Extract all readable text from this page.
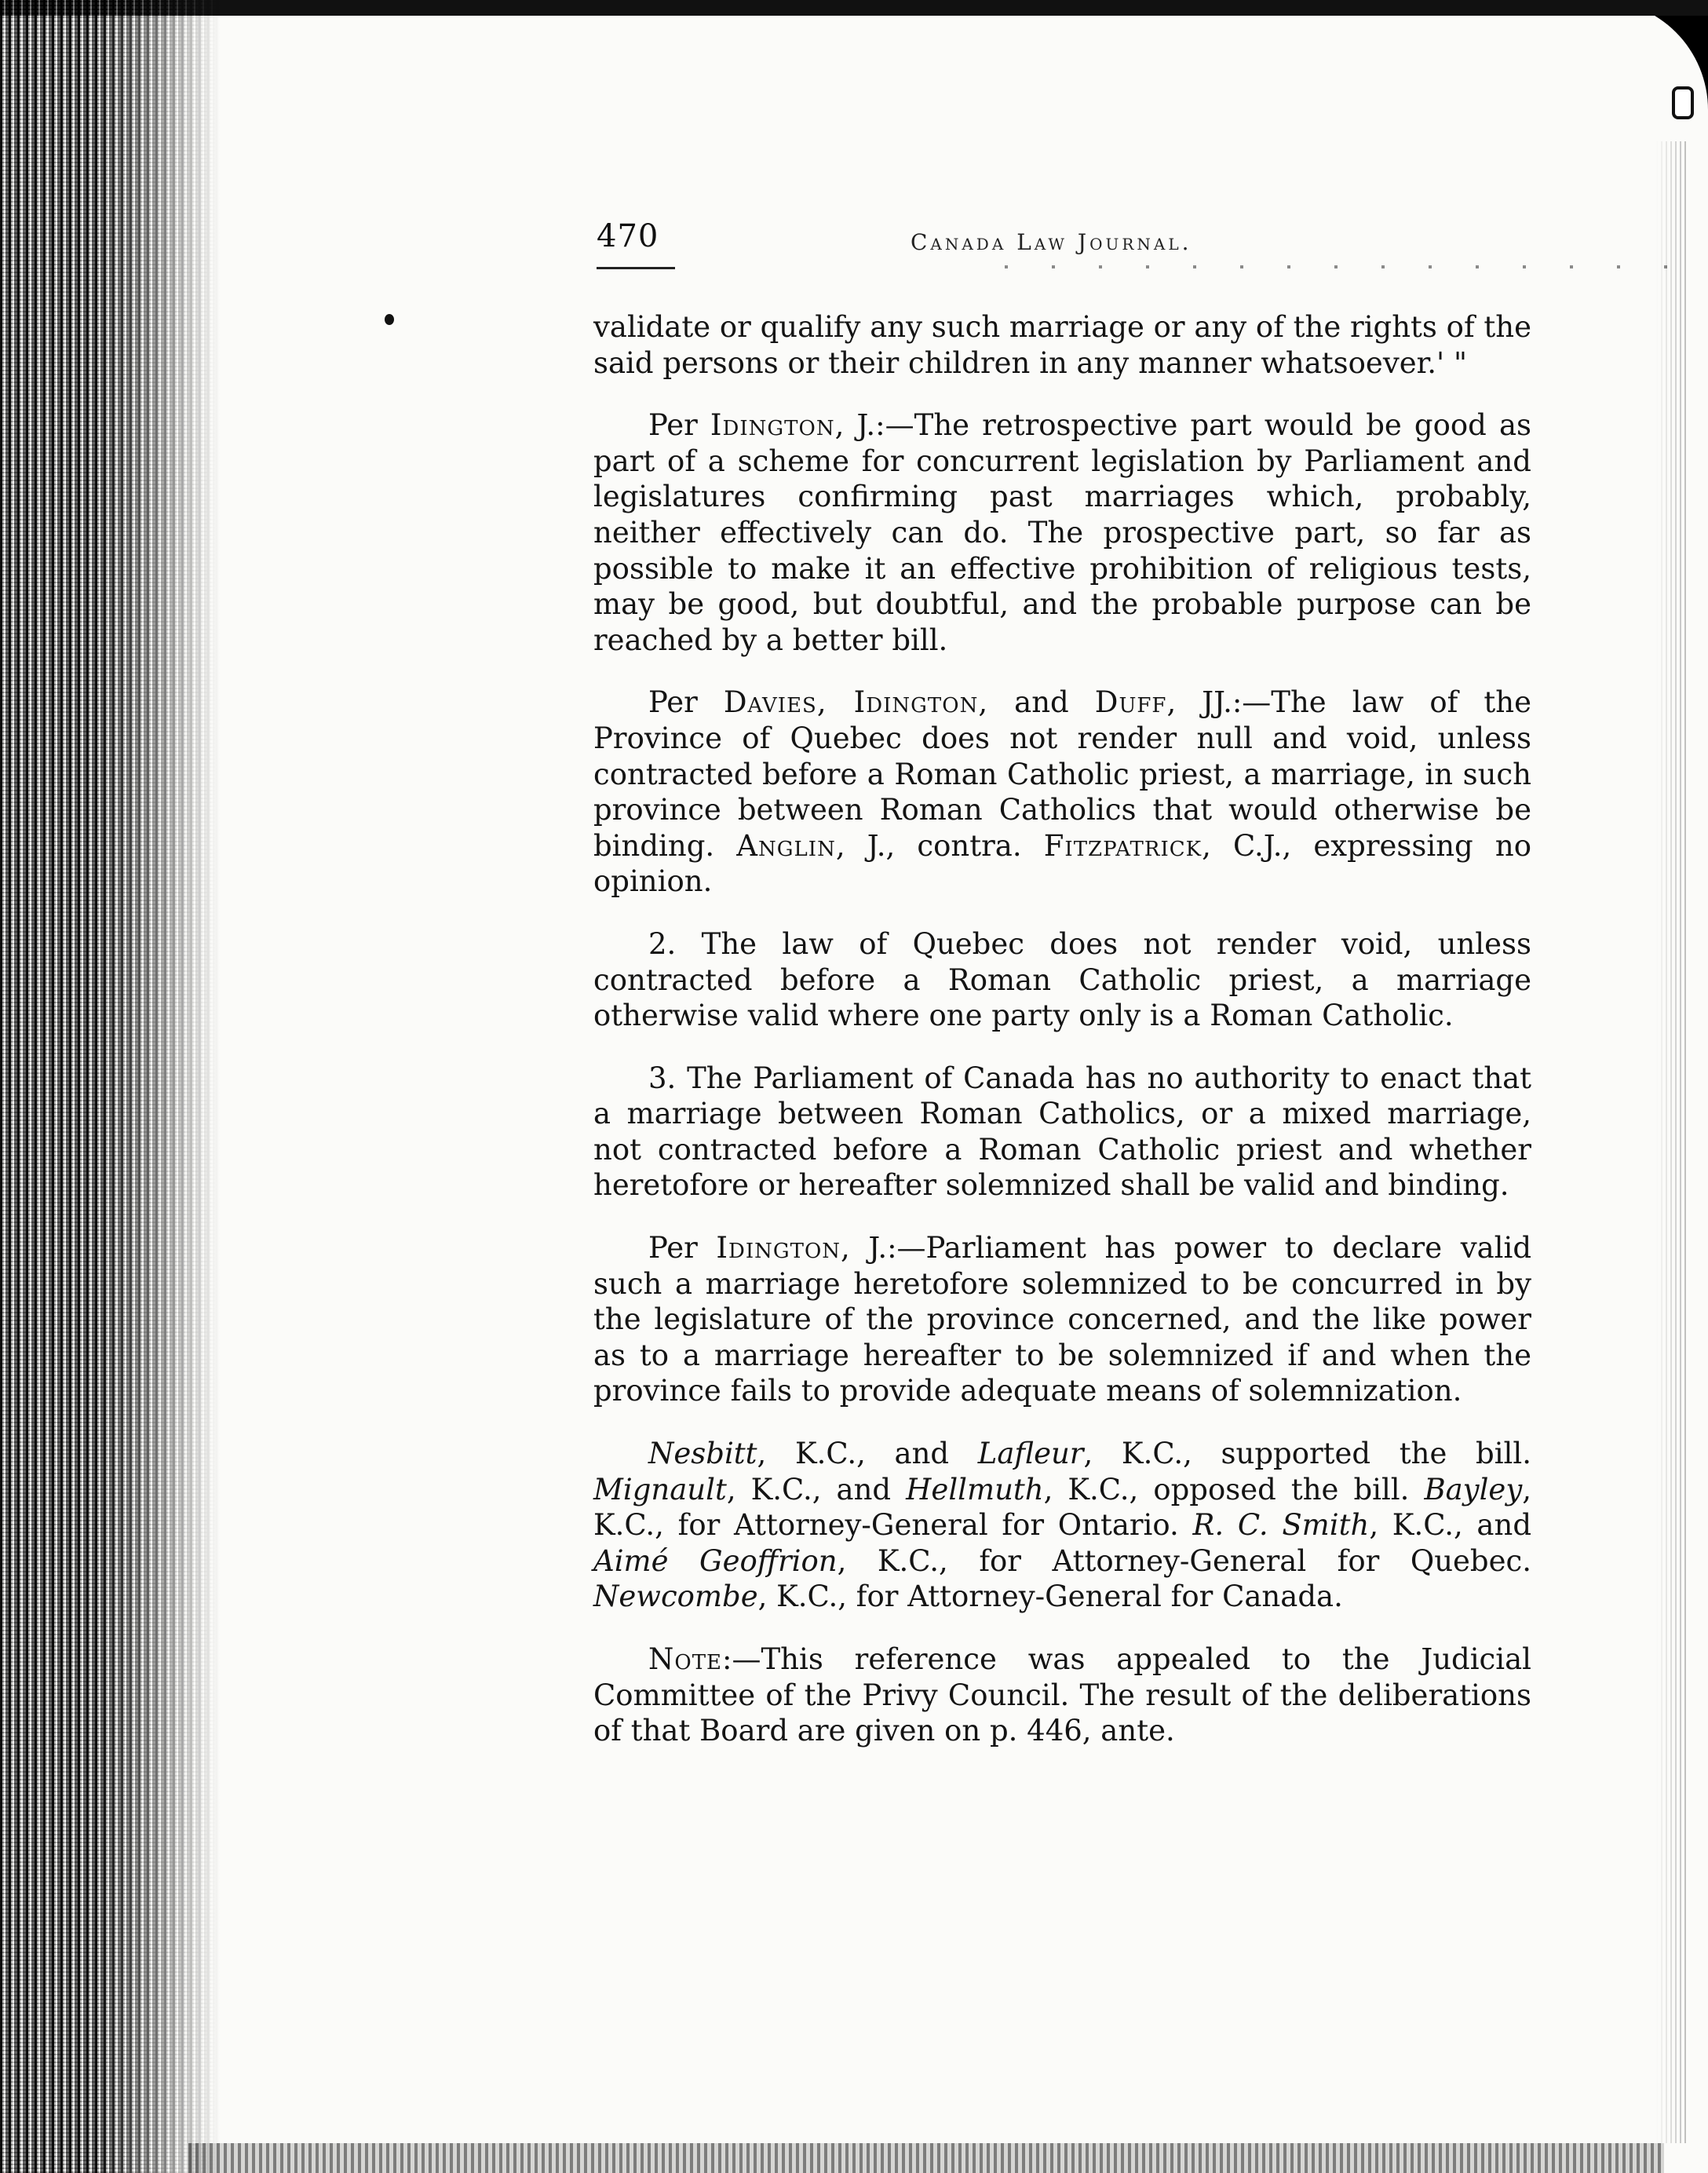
470	Canada Law Journal.

validate or qualify any such marriage or any of the rights of the said persons or their children in any manner whatsoever.' "

Per Idington, J.:—The retrospective part would be good as part of a scheme for concurrent legislation by Parliament and legislatures confirming past marriages which, probably, neither effectively can do. The prospective part, so far as possible to make it an effective prohibition of religious tests, may be good, but doubtful, and the probable purpose can be reached by a better bill.

Per Davies, Idington, and Duff, JJ.:—The law of the Province of Quebec does not render null and void, unless contracted before a Roman Catholic priest, a marriage, in such province between Roman Catholics that would otherwise be binding. Anglin, J., contra. Fitzpatrick, C.J., expressing no opinion.

2. The law of Quebec does not render void, unless contracted before a Roman Catholic priest, a marriage otherwise valid where one party only is a Roman Catholic.

3. The Parliament of Canada has no authority to enact that a marriage between Roman Catholics, or a mixed marriage, not contracted before a Roman Catholic priest and whether heretofore or hereafter solemnized shall be valid and binding.

Per Idington, J.:—Parliament has power to declare valid such a marriage heretofore solemnized to be concurred in by the legislature of the province concerned, and the like power as to a marriage hereafter to be solemnized if and when the province fails to provide adequate means of solemnization.

Nesbitt, K.C., and Lafleur, K.C., supported the bill. Mignault, K.C., and Hellmuth, K.C., opposed the bill. Bayley, K.C., for Attorney-General for Ontario. R. C. Smith, K.C., and Aimé Geoffrion, K.C., for Attorney-General for Quebec. Newcombe, K.C., for Attorney-General for Canada.

Note:—This reference was appealed to the Judicial Committee of the Privy Council. The result of the deliberations of that Board are given on p. 446, ante.
